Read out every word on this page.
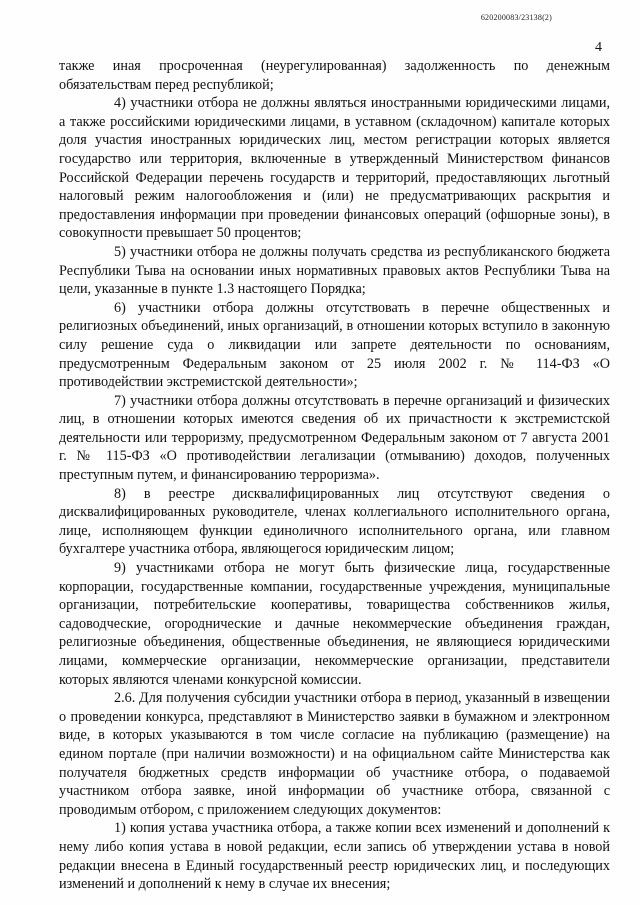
620200083/23138(2)
4

также иная просроченная (неурегулированная) задолженность по денежным обязательствам перед республикой;

4) участники отбора не должны являться иностранными юридическими лицами, а также российскими юридическими лицами, в уставном (складочном) капитале которых доля участия иностранных юридических лиц, местом регистрации которых является государство или территория, включенные в утвержденный Министерством финансов Российской Федерации перечень государств и территорий, предоставляющих льготный налоговый режим налогообложения и (или) не предусматривающих раскрытия и предоставления информации при проведении финансовых операций (офшорные зоны), в совокупности превышает 50 процентов;

5) участники отбора не должны получать средства из республиканского бюджета Республики Тыва на основании иных нормативных правовых актов Республики Тыва на цели, указанные в пункте 1.3 настоящего Порядка;

6) участники отбора должны отсутствовать в перечне общественных и религиозных объединений, иных организаций, в отношении которых вступило в законную силу решение суда о ликвидации или запрете деятельности по основаниям, предусмотренным Федеральным законом от 25 июля 2002 г. № 114-ФЗ «О противодействии экстремистской деятельности»;

7) участники отбора должны отсутствовать в перечне организаций и физических лиц, в отношении которых имеются сведения об их причастности к экстремистской деятельности или терроризму, предусмотренном Федеральным законом от 7 августа 2001 г. № 115-ФЗ «О противодействии легализации (отмыванию) доходов, полученных преступным путем, и финансированию терроризма».

8) в реестре дисквалифицированных лиц отсутствуют сведения о дисквалифицированных руководителе, членах коллегиального исполнительного органа, лице, исполняющем функции единоличного исполнительного органа, или главном бухгалтере участника отбора, являющегося юридическим лицом;

9) участниками отбора не могут быть физические лица, государственные корпорации, государственные компании, государственные учреждения, муниципальные организации, потребительские кооперативы, товарищества собственников жилья, садоводческие, огороднические и дачные некоммерческие объединения граждан, религиозные объединения, общественные объединения, не являющиеся юридическими лицами, коммерческие организации, некоммерческие организации, представители которых являются членами конкурсной комиссии.

2.6. Для получения субсидии участники отбора в период, указанный в извещении о проведении конкурса, представляют в Министерство заявки в бумажном и электронном виде, в которых указываются в том числе согласие на публикацию (размещение) на едином портале (при наличии возможности) и на официальном сайте Министерства как получателя бюджетных средств информации об участнике отбора, о подаваемой участником отбора заявке, иной информации об участнике отбора, связанной с проводимым отбором, с приложением следующих документов:

1) копия устава участника отбора, а также копии всех изменений и дополнений к нему либо копия устава в новой редакции, если запись об утверждении устава в новой редакции внесена в Единый государственный реестр юридических лиц, и последующих изменений и дополнений к нему в случае их внесения;
